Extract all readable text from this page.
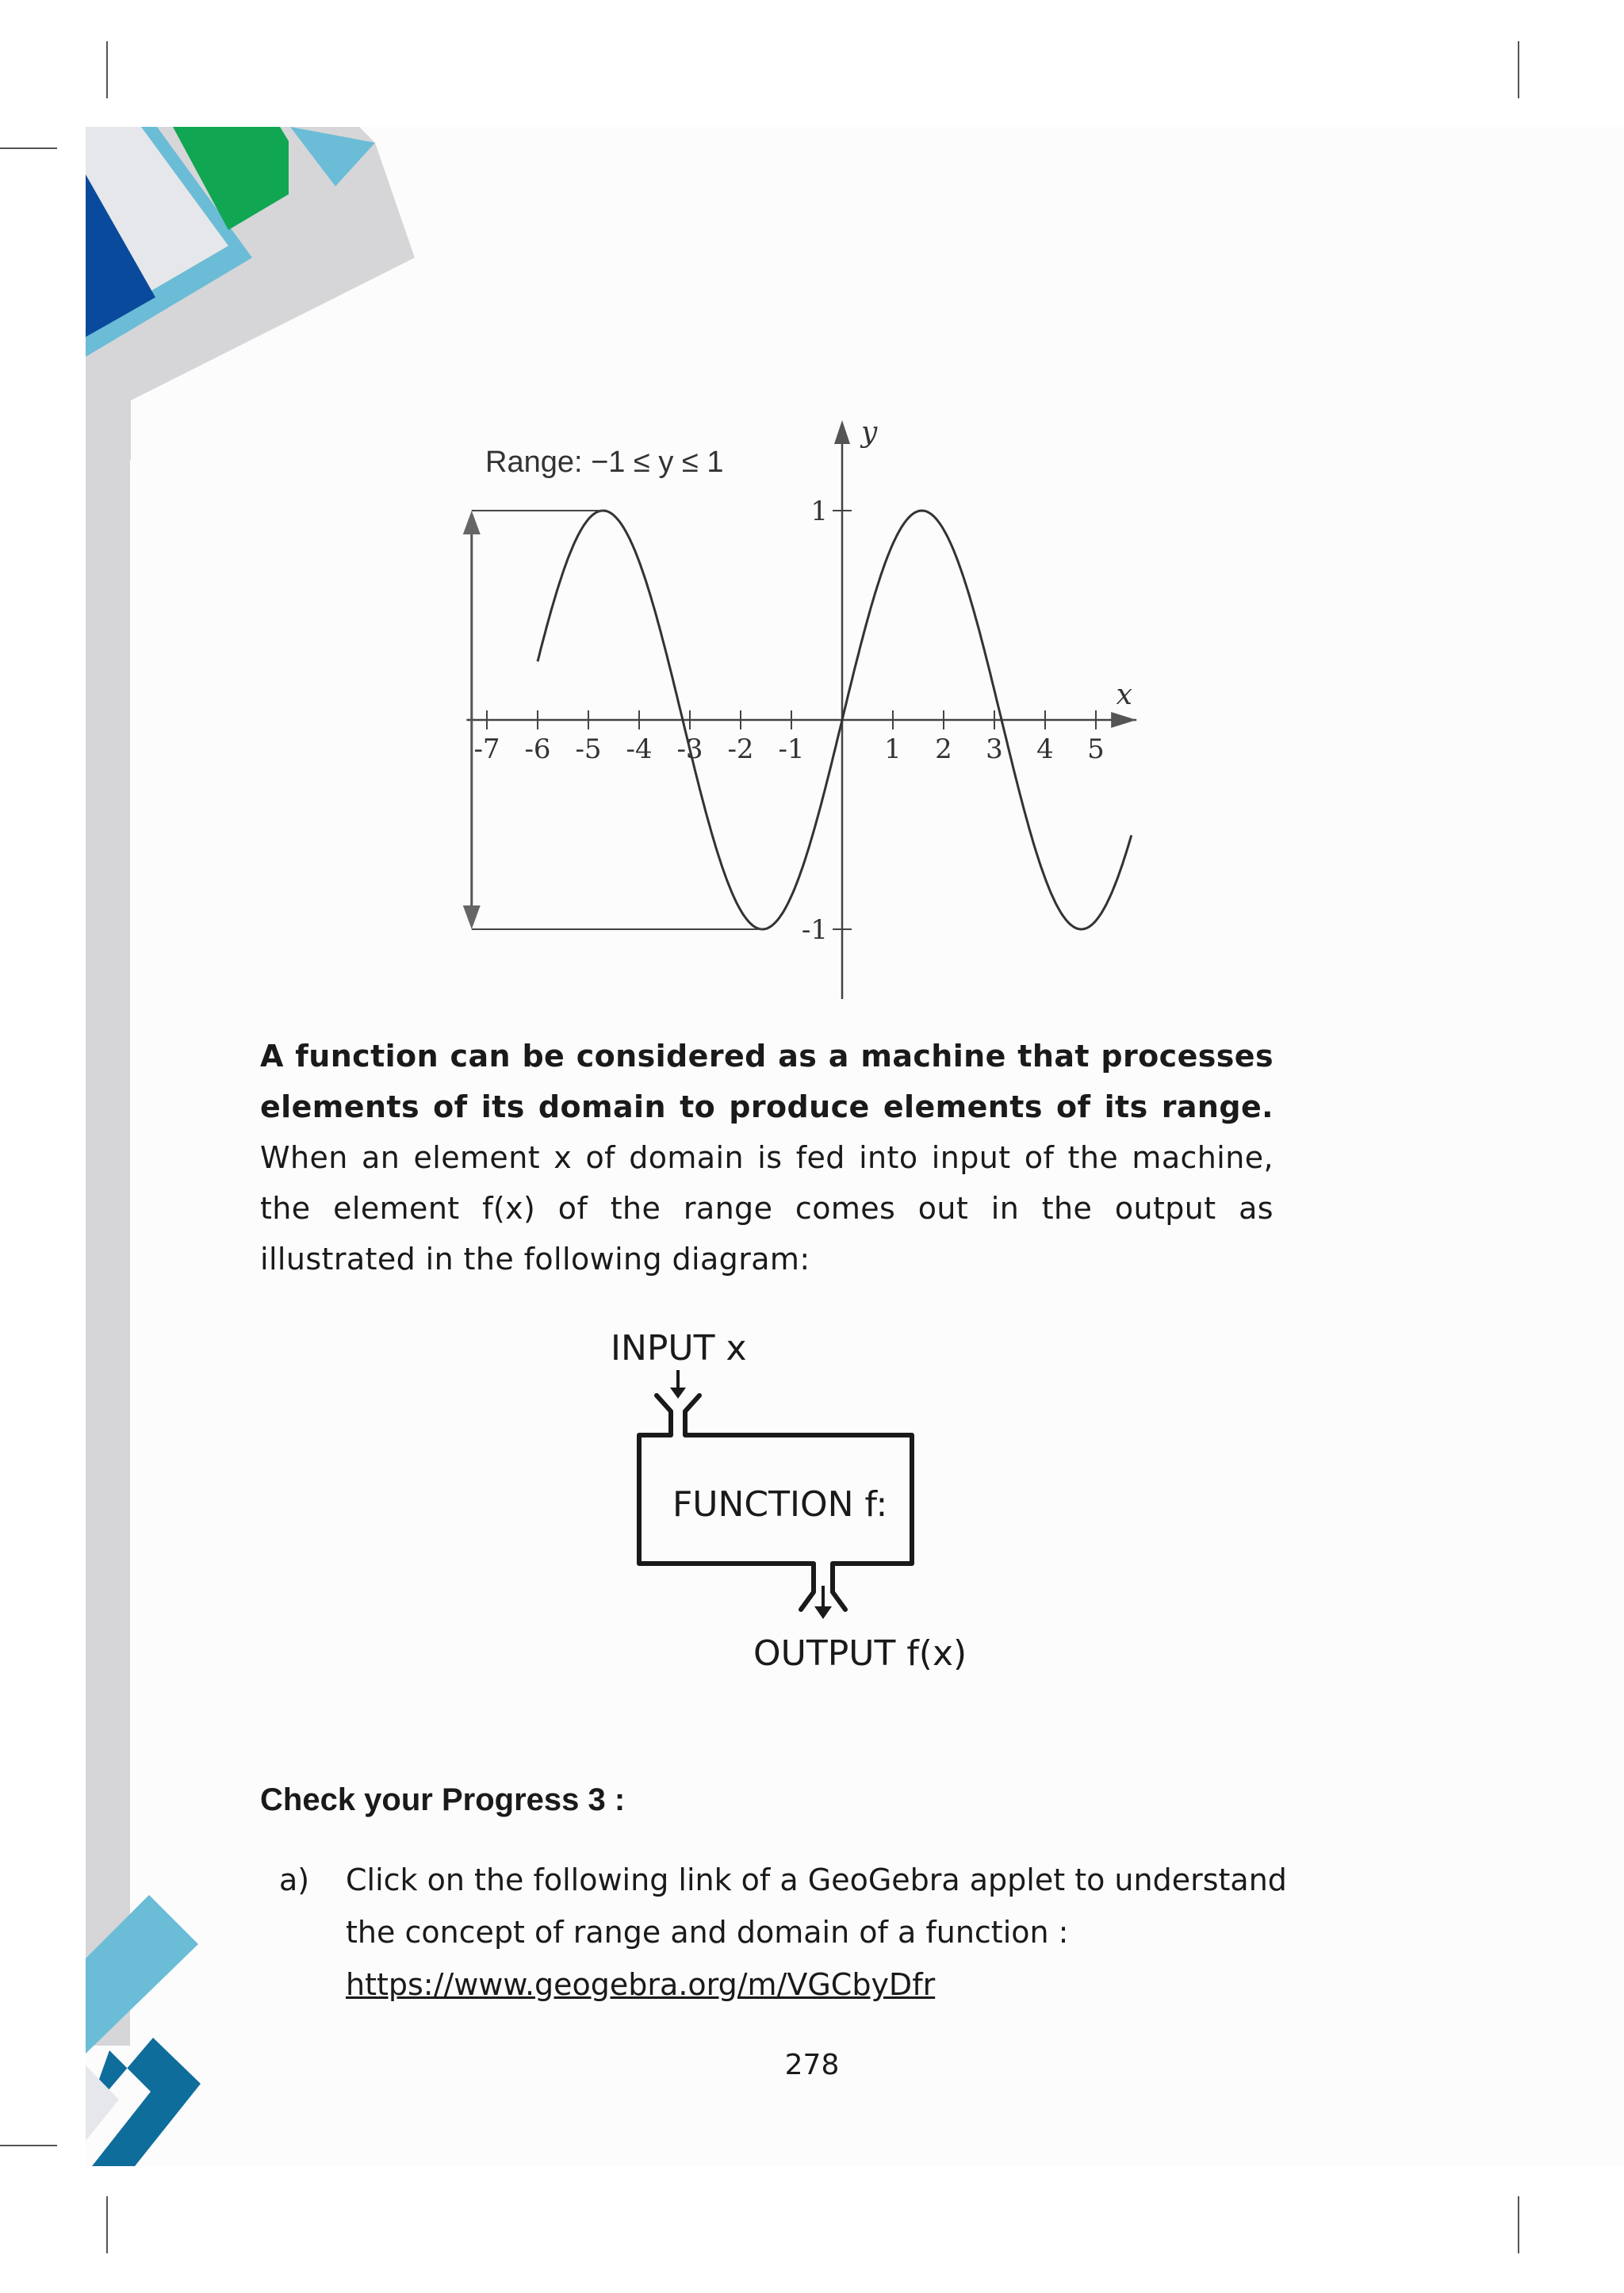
-7 -6 -5 -4 -3 -2 -1	1 2 3 4 5
1
-1
x
y
Range: −1 ≤ y ≤ 1

A function can be considered as a machine that processes elements of its domain to produce elements of its range. When an element x of domain is fed into input of the machine, the element f(x) of the range comes out in the output as illustrated in the following diagram:

INPUT x
FUNCTION f:
OUTPUT f(x)
Check your Progress 3 :
a) Click on the following link of a GeoGebra applet to understand the concept of range and domain of a function :
https://www.geogebra.org/m/VGCbyDfr
278
